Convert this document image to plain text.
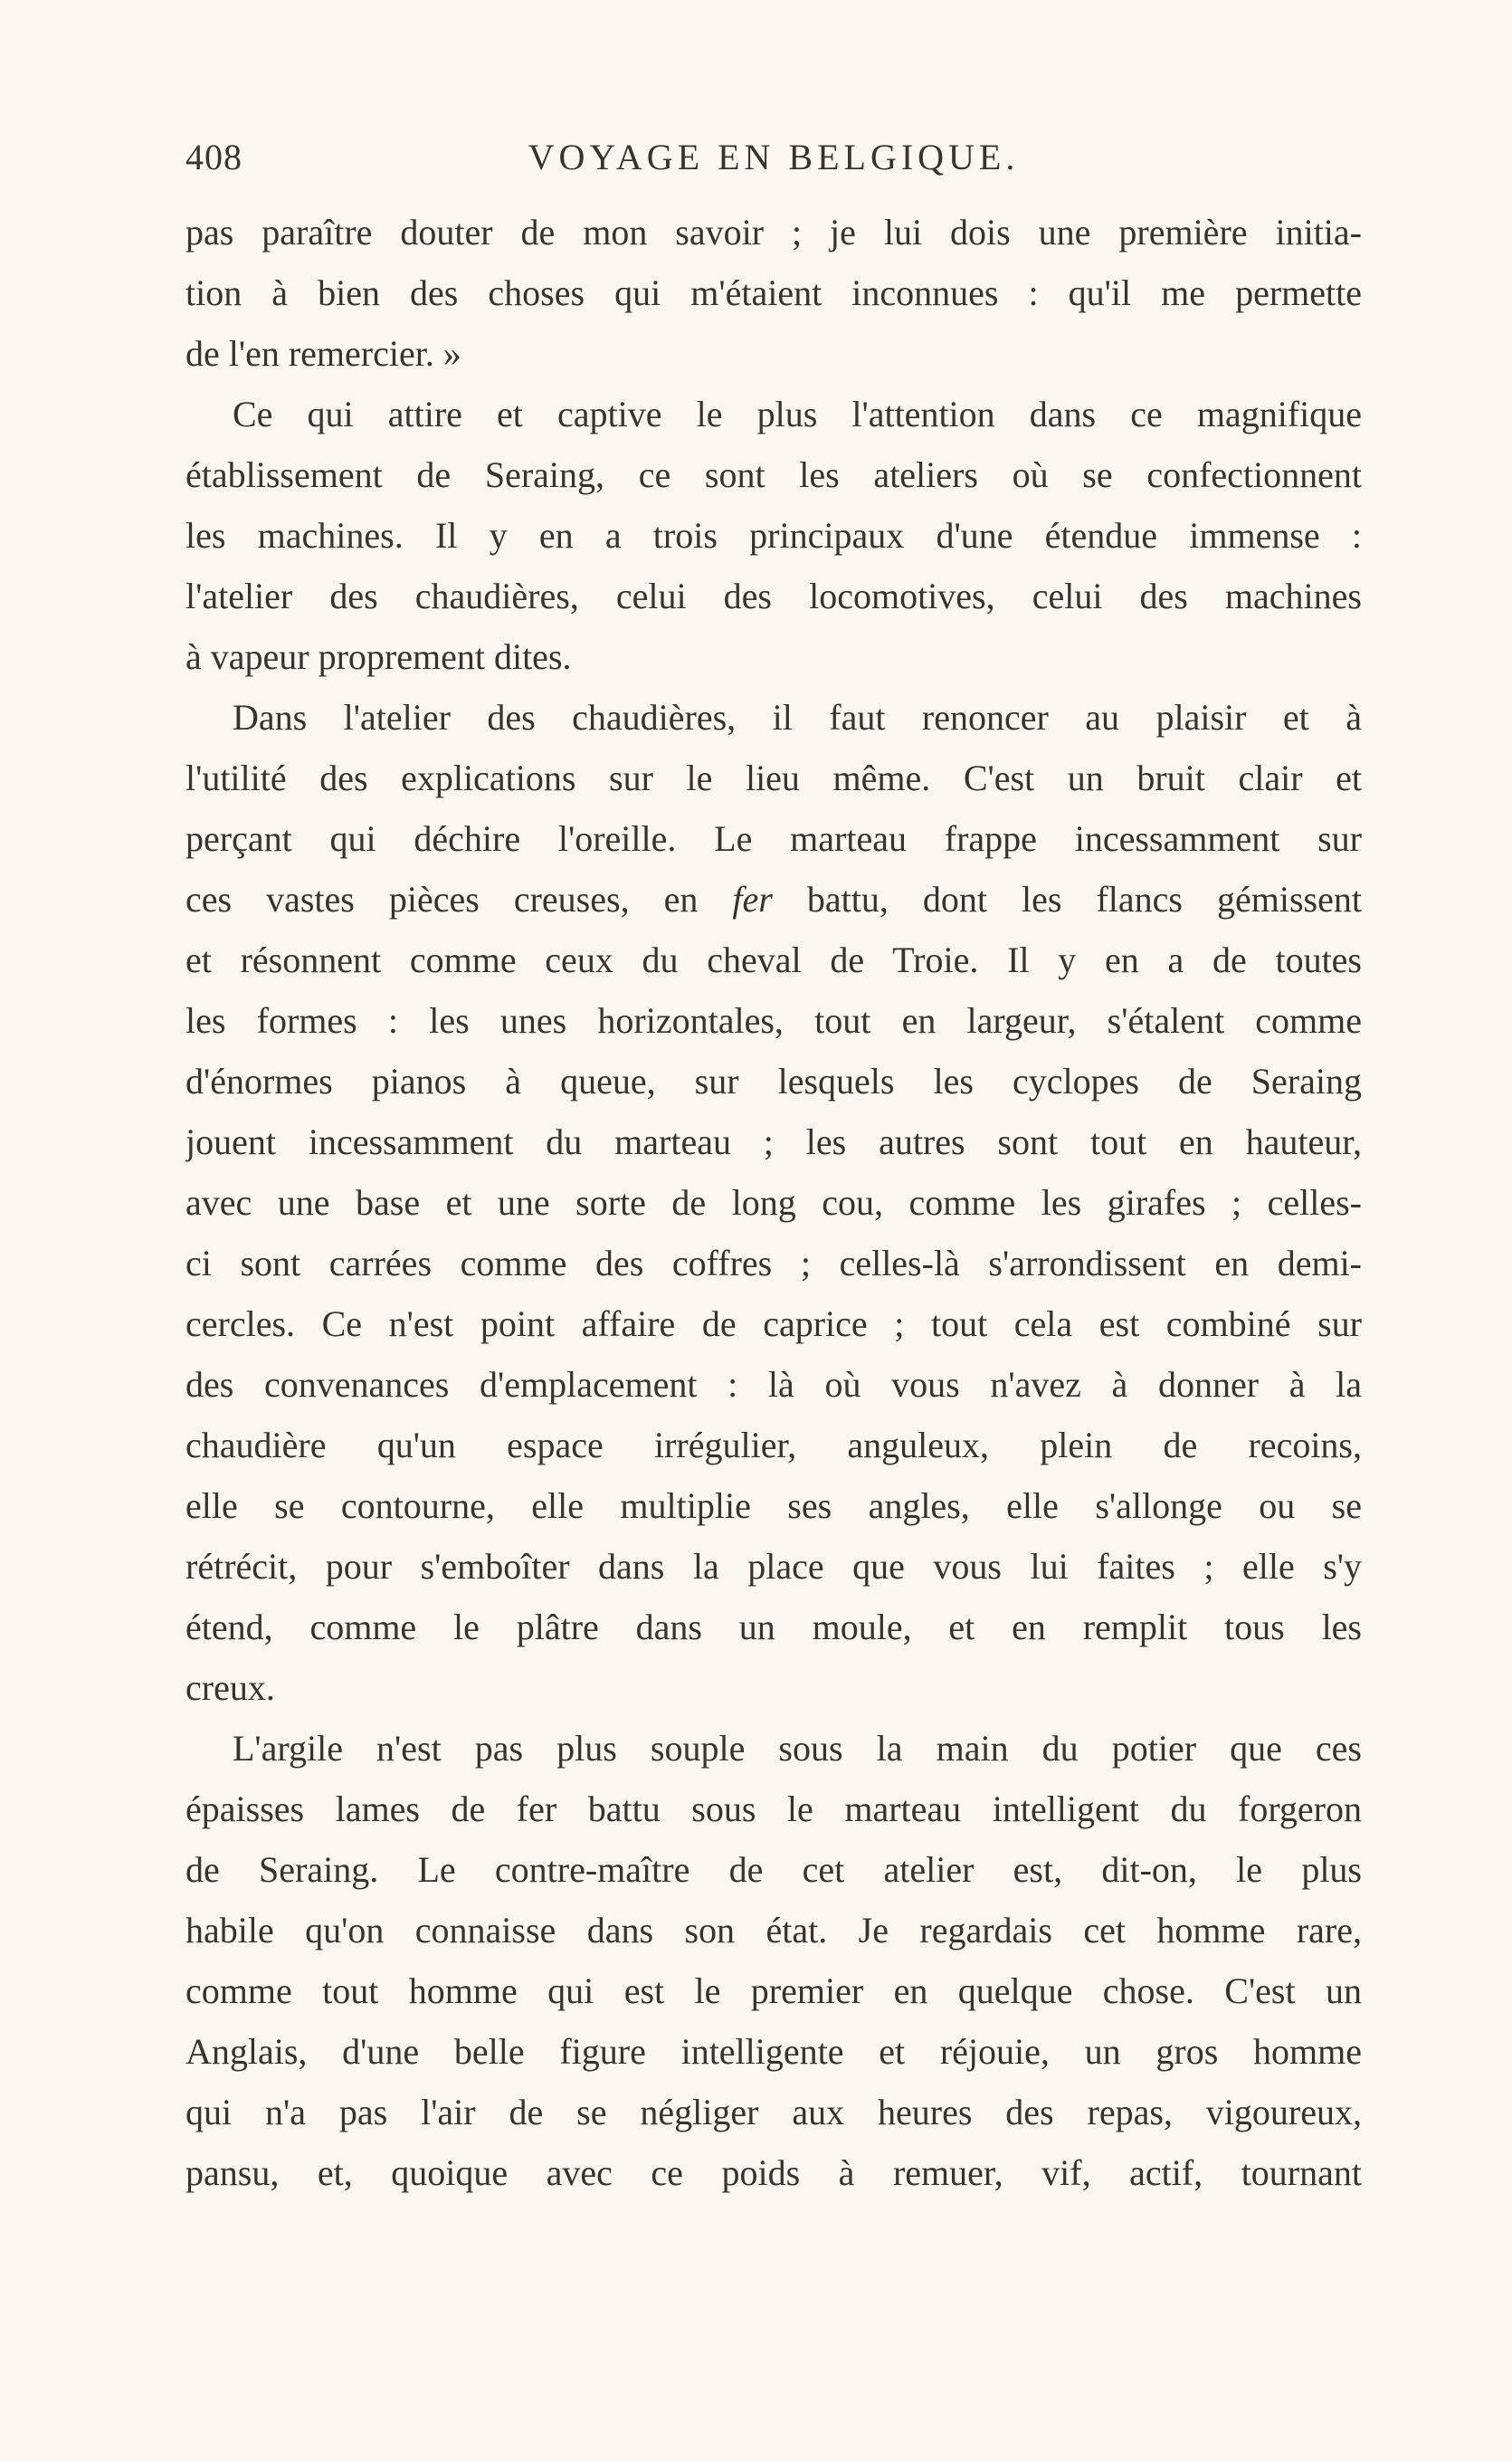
408	VOYAGE EN BELGIQUE.
pas paraître douter de mon savoir ; je lui dois une première initia-
tion à bien des choses qui m'étaient inconnues : qu'il me permette
de l'en remercier. »
Ce qui attire et captive le plus l'attention dans ce magnifique
établissement de Seraing, ce sont les ateliers où se confectionnent
les machines. Il y en a trois principaux d'une étendue immense :
l'atelier des chaudières, celui des locomotives, celui des machines
à vapeur proprement dites.
Dans l'atelier des chaudières, il faut renoncer au plaisir et à
l'utilité des explications sur le lieu même. C'est un bruit clair et
perçant qui déchire l'oreille. Le marteau frappe incessamment sur
ces vastes pièces creuses, en fer battu, dont les flancs gémissent
et résonnent comme ceux du cheval de Troie. Il y en a de toutes
les formes : les unes horizontales, tout en largeur, s'étalent comme
d'énormes pianos à queue, sur lesquels les cyclopes de Seraing
jouent incessamment du marteau ; les autres sont tout en hauteur,
avec une base et une sorte de long cou, comme les girafes ; celles-
ci sont carrées comme des coffres ; celles-là s'arrondissent en demi-
cercles. Ce n'est point affaire de caprice ; tout cela est combiné sur
des convenances d'emplacement : là où vous n'avez à donner à la
chaudière qu'un espace irrégulier, anguleux, plein de recoins,
elle se contourne, elle multiplie ses angles, elle s'allonge ou se
rétrécit, pour s'emboîter dans la place que vous lui faites ; elle s'y
étend, comme le plâtre dans un moule, et en remplit tous les
creux.
L'argile n'est pas plus souple sous la main du potier que ces
épaisses lames de fer battu sous le marteau intelligent du forgeron
de Seraing. Le contre-maître de cet atelier est, dit-on, le plus
habile qu'on connaisse dans son état. Je regardais cet homme rare,
comme tout homme qui est le premier en quelque chose. C'est un
Anglais, d'une belle figure intelligente et réjouie, un gros homme
qui n'a pas l'air de se négliger aux heures des repas, vigoureux,
pansu, et, quoique avec ce poids à remuer, vif, actif, tournant
